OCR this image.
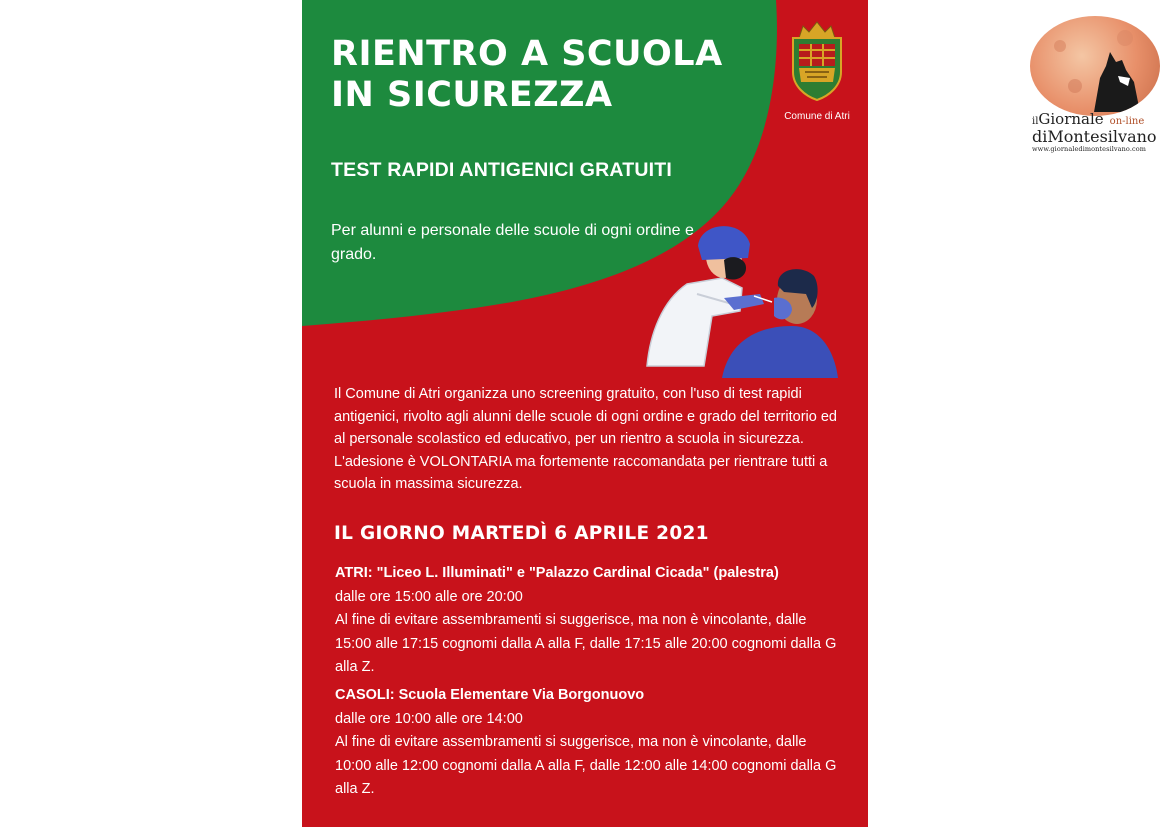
RIENTRO A SCUOLA
IN SICUREZZA
Comune di Atri
TEST RAPIDI ANTIGENICI GRATUITI

Per alunni e personale delle scuole di ogni ordine e grado.

Il Comune di Atri organizza uno screening gratuito, con l'uso di test rapidi antigenici, rivolto agli alunni delle scuole di ogni ordine e grado del territorio ed al personale scolastico ed educativo, per un rientro a scuola in sicurezza.

L'adesione è VOLONTARIA ma fortemente raccomandata per rientrare tutti a scuola in massima sicurezza.

IL GIORNO MARTEDÌ 6 APRILE 2021

ATRI: "Liceo L. Illuminati" e "Palazzo Cardinal Cicada" (palestra)

dalle ore 15:00 alle ore 20:00

Al fine di evitare assembramenti si suggerisce, ma non è vincolante, dalle 15:00 alle 17:15 cognomi dalla A alla F, dalle 17:15 alle 20:00 cognomi dalla G alla Z.

CASOLI: Scuola Elementare Via Borgonuovo

dalle ore 10:00 alle ore 14:00

Al fine di evitare assembramenti si suggerisce, ma non è vincolante, dalle 10:00 alle 12:00 cognomi dalla A alla F, dalle 12:00 alle 14:00 cognomi dalla G alla Z.

ilGiornale on-line
diMontesilvano
www.giornaledimontesilvano.com
